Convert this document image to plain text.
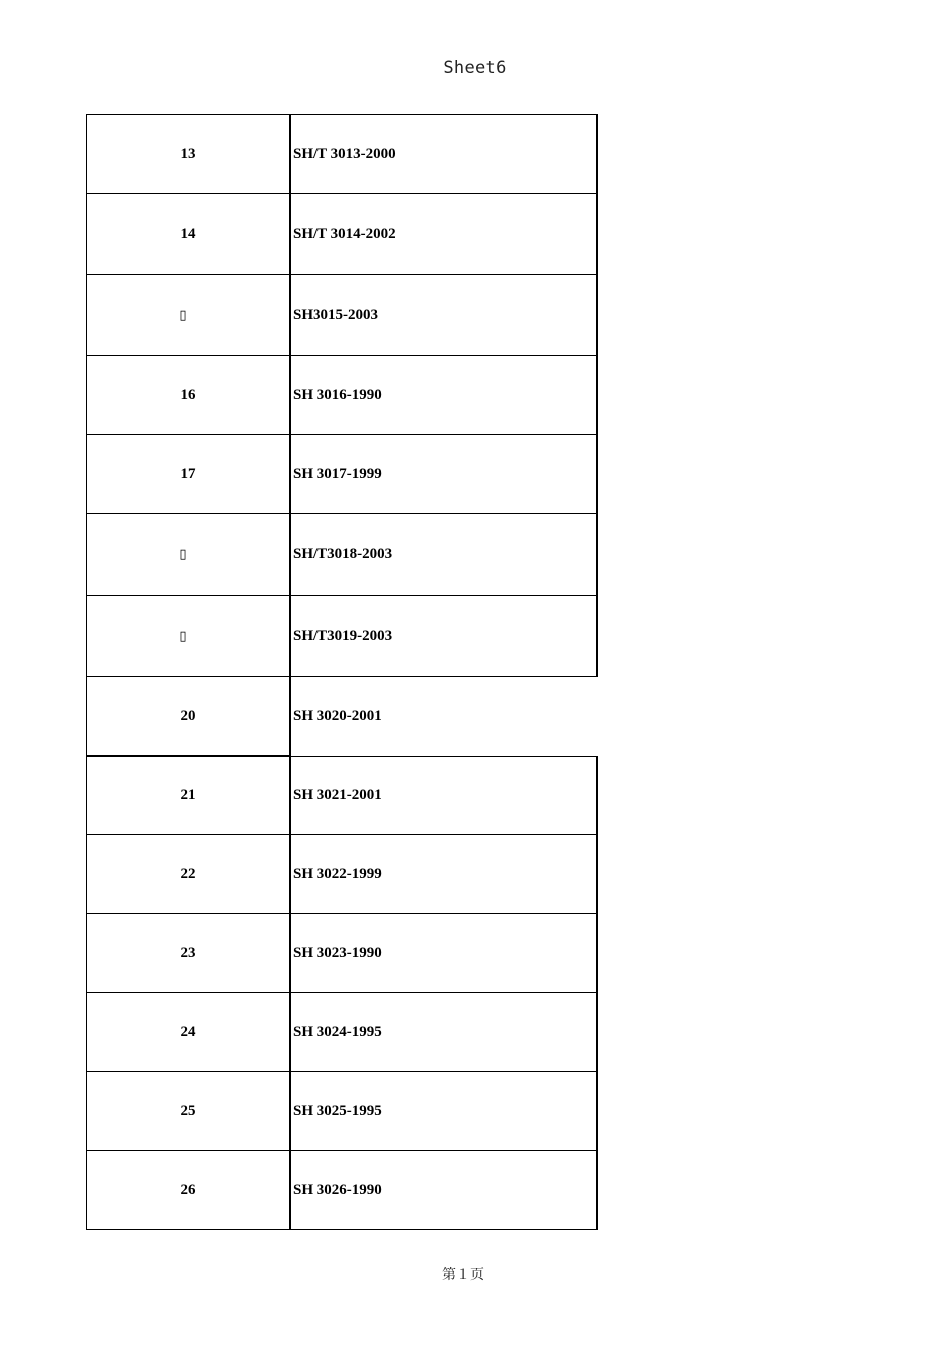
Sheet6
13	SH/T 3013-2000
14	SH/T 3014-2002
▯	SH3015-2003
16	SH 3016-1990
17	SH 3017-1999
▯	SH/T3018-2003
▯	SH/T3019-2003
20	SH 3020-2001
21	SH 3021-2001
22	SH 3022-1999
23	SH 3023-1990
24	SH 3024-1995
25	SH 3025-1995
26	SH 3026-1990
第１页
